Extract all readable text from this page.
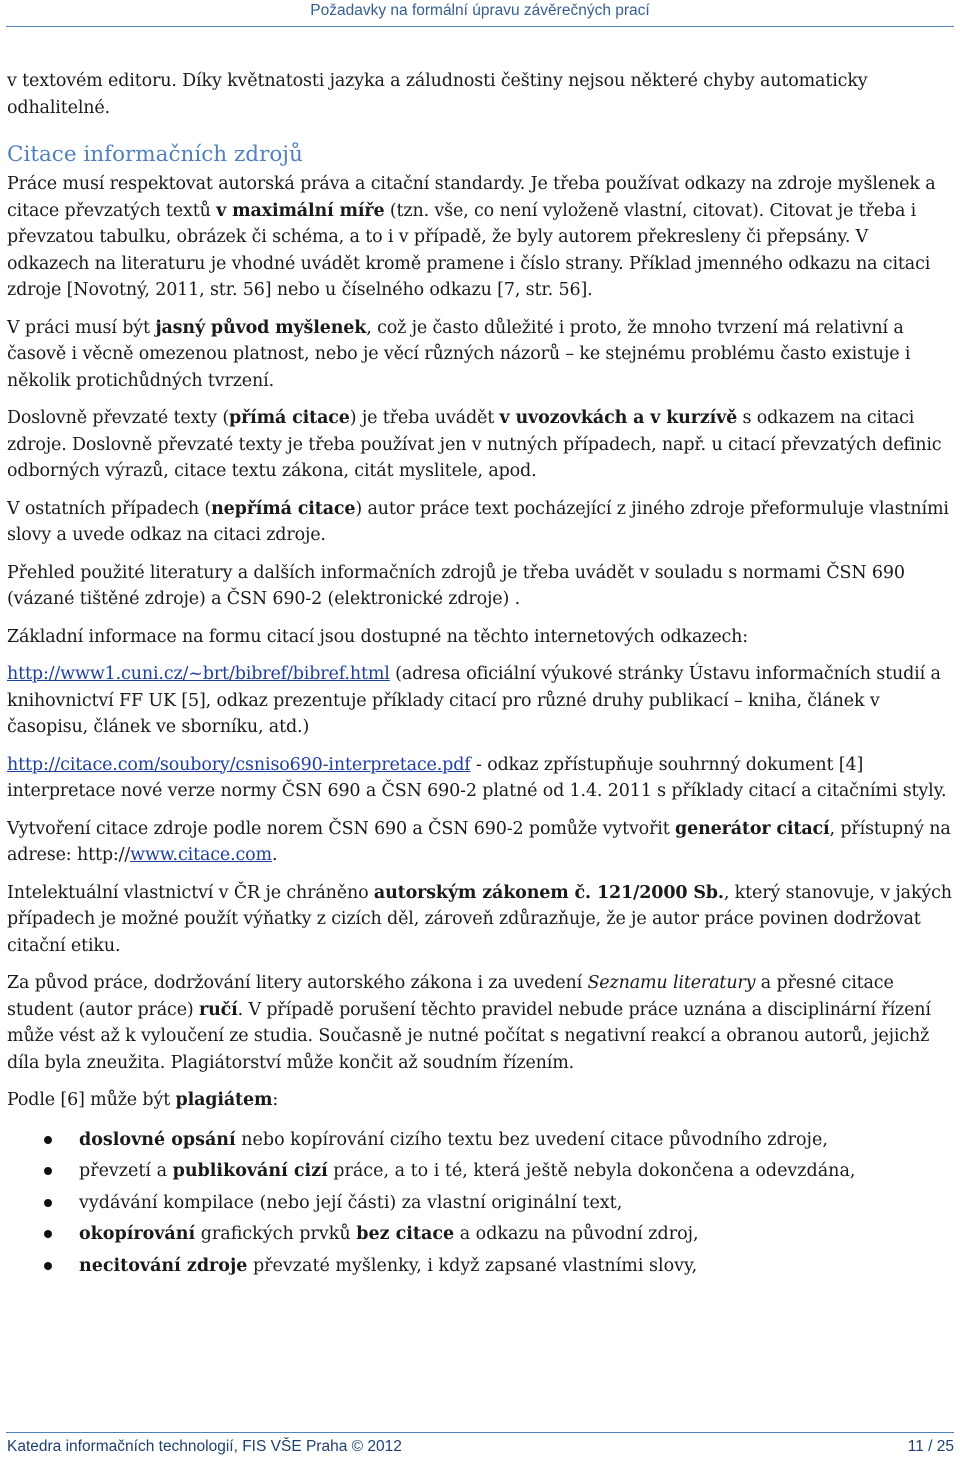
Požadavky na formální úpravu závěrečných prací

v textovém editoru. Díky květnatosti jazyka a záludnosti češtiny nejsou některé chyby automaticky odhalitelné.

Citace informačních zdrojů

Práce musí respektovat autorská práva a citační standardy. Je třeba používat odkazy na zdroje myšlenek a citace převzatých textů v maximální míře (tzn. vše, co není vyloženě vlastní, citovat). Citovat je třeba i převzatou tabulku, obrázek či schéma, a to i v případě, že byly autorem překresleny či přepsány. V odkazech na literaturu je vhodné uvádět kromě pramene i číslo strany. Příklad jmenného odkazu na citaci zdroje [Novotný, 2011, str. 56] nebo u číselného odkazu [7, str. 56].

V práci musí být jasný původ myšlenek, což je často důležité i proto, že mnoho tvrzení má relativní a časově i věcně omezenou platnost, nebo je věcí různých názorů – ke stejnému problému často existuje i několik protichůdných tvrzení.

Doslovně převzaté texty (přímá citace) je třeba uvádět v uvozovkách a v kurzívě s odkazem na citaci zdroje. Doslovně převzaté texty je třeba používat jen v nutných případech, např. u citací převzatých definic odborných výrazů, citace textu zákona, citát myslitele, apod.

V ostatních případech (nepřímá citace) autor práce text pocházející z jiného zdroje přeformuluje vlastními slovy a uvede odkaz na citaci zdroje.

Přehled použité literatury a dalších informačních zdrojů je třeba uvádět v souladu s normami ČSN 690 (vázané tištěné zdroje) a ČSN 690-2 (elektronické zdroje) .

Základní informace na formu citací jsou dostupné na těchto internetových odkazech:

http://www1.cuni.cz/~brt/bibref/bibref.html (adresa oficiální výukové stránky Ústavu informačních studií a knihovnictví FF UK [5], odkaz prezentuje příklady citací pro různé druhy publikací – kniha, článek v časopisu, článek ve sborníku, atd.)

http://citace.com/soubory/csniso690-interpretace.pdf - odkaz zpřístupňuje souhrnný dokument [4] interpretace nové verze normy ČSN 690 a ČSN 690-2 platné od 1.4. 2011 s příklady citací a citačními styly.

Vytvoření citace zdroje podle norem ČSN 690 a ČSN 690-2 pomůže vytvořit generátor citací, přístupný na adrese: http://www.citace.com.

Intelektuální vlastnictví v ČR je chráněno autorským zákonem č. 121/2000 Sb., který stanovuje, v jakých případech je možné použít výňatky z cizích děl, zároveň zdůrazňuje, že je autor práce povinen dodržovat citační etiku.

Za původ práce, dodržování litery autorského zákona i za uvedení Seznamu literatury a přesné citace student (autor práce) ručí. V případě porušení těchto pravidel nebude práce uznána a disciplinární řízení může vést až k vyloučení ze studia. Současně je nutné počítat s negativní reakcí a obranou autorů, jejichž díla byla zneužita. Plagiátorství může končit až soudním řízením.

Podle [6] může být plagiátem:

doslovné opsání nebo kopírování cizího textu bez uvedení citace původního zdroje,
převzetí a publikování cizí práce, a to i té, která ještě nebyla dokončena a odevzdána,
vydávání kompilace (nebo její části) za vlastní originální text,
okopírování grafických prvků bez citace a odkazu na původní zdroj,
necitování zdroje převzaté myšlenky, i když zapsané vlastními slovy,
Katedra informačních technologií, FIS VŠE Praha © 2012	11 / 25
